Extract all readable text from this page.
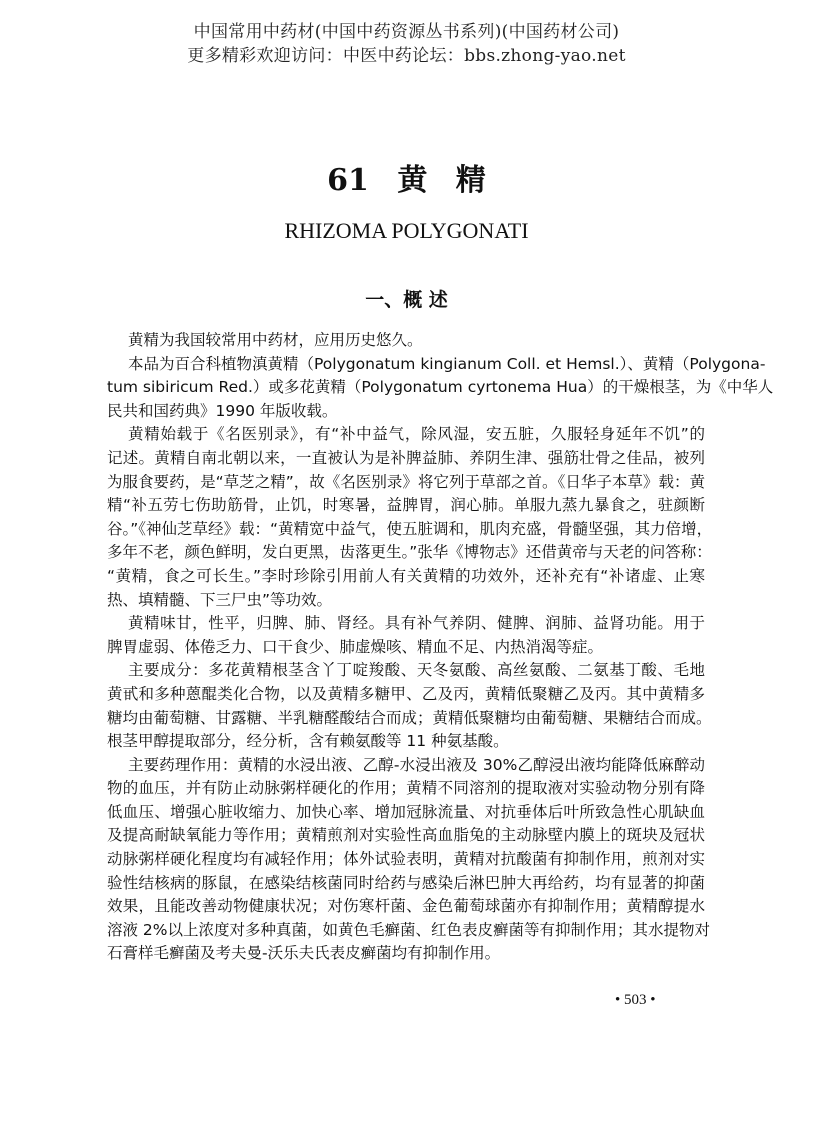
中国常用中药材(中国中药资源丛书系列)(中国药材公司)
更多精彩欢迎访问：中医中药论坛：bbs.zhong-yao.net
61 黄 精
RHIZOMA POLYGONATI
一、概 述
黄精为我国较常用中药材，应用历史悠久。
本品为百合科植物滇黄精（Polygonatum kingianum Coll. et Hemsl.）、黄精（Polygona-
tum sibiricum Red.）或多花黄精（Polygonatum cyrtonema Hua）的干燥根茎，为《中华人
民共和国药典》1990 年版收载。
黄精始载于《名医别录》，有“补中益气，除风湿，安五脏，久服轻身延年不饥”的
记述。黄精自南北朝以来，一直被认为是补脾益肺、养阴生津、强筋壮骨之佳品，被列
为服食要药，是“草芝之精”，故《名医别录》将它列于草部之首。《日华子本草》载：黄
精“补五劳七伤助筋骨，止饥，时寒暑，益脾胃，润心肺。单服九蒸九暴食之，驻颜断
谷。”《神仙芝草经》载：“黄精宽中益气，使五脏调和，肌肉充盛，骨髓坚强，其力倍增，
多年不老，颜色鲜明，发白更黑，齿落更生。”张华《博物志》还借黄帝与天老的问答称：
“黄精，食之可长生。”李时珍除引用前人有关黄精的功效外，还补充有“补诸虚、止寒
热、填精髓、下三尸虫”等功效。
黄精味甘，性平，归脾、肺、肾经。具有补气养阴、健脾、润肺、益肾功能。用于
脾胃虚弱、体倦乏力、口干食少、肺虚燥咳、精血不足、内热消渴等症。
主要成分：多花黄精根茎含丫丁啶羧酸、天冬氨酸、高丝氨酸、二氨基丁酸、毛地
黄甙和多种蒽醌类化合物，以及黄精多糖甲、乙及丙，黄精低聚糖乙及丙。其中黄精多
糖均由葡萄糖、甘露糖、半乳糖醛酸结合而成；黄精低聚糖均由葡萄糖、果糖结合而成。
根茎甲醇提取部分，经分析，含有赖氨酸等 11 种氨基酸。
主要药理作用：黄精的水浸出液、乙醇-水浸出液及 30%乙醇浸出液均能降低麻醉动
物的血压，并有防止动脉粥样硬化的作用；黄精不同溶剂的提取液对实验动物分别有降
低血压、增强心脏收缩力、加快心率、增加冠脉流量、对抗垂体后叶所致急性心肌缺血
及提高耐缺氧能力等作用；黄精煎剂对实验性高血脂兔的主动脉壁内膜上的斑块及冠状
动脉粥样硬化程度均有减轻作用；体外试验表明，黄精对抗酸菌有抑制作用，煎剂对实
验性结核病的豚鼠，在感染结核菌同时给药与感染后淋巴肿大再给药，均有显著的抑菌
效果，且能改善动物健康状况；对伤寒杆菌、金色葡萄球菌亦有抑制作用；黄精醇提水
溶液 2%以上浓度对多种真菌，如黄色毛癣菌、红色表皮癣菌等有抑制作用；其水提物对
石膏样毛癣菌及考夫曼-沃乐夫氏表皮癣菌均有抑制作用。
• 503 •
